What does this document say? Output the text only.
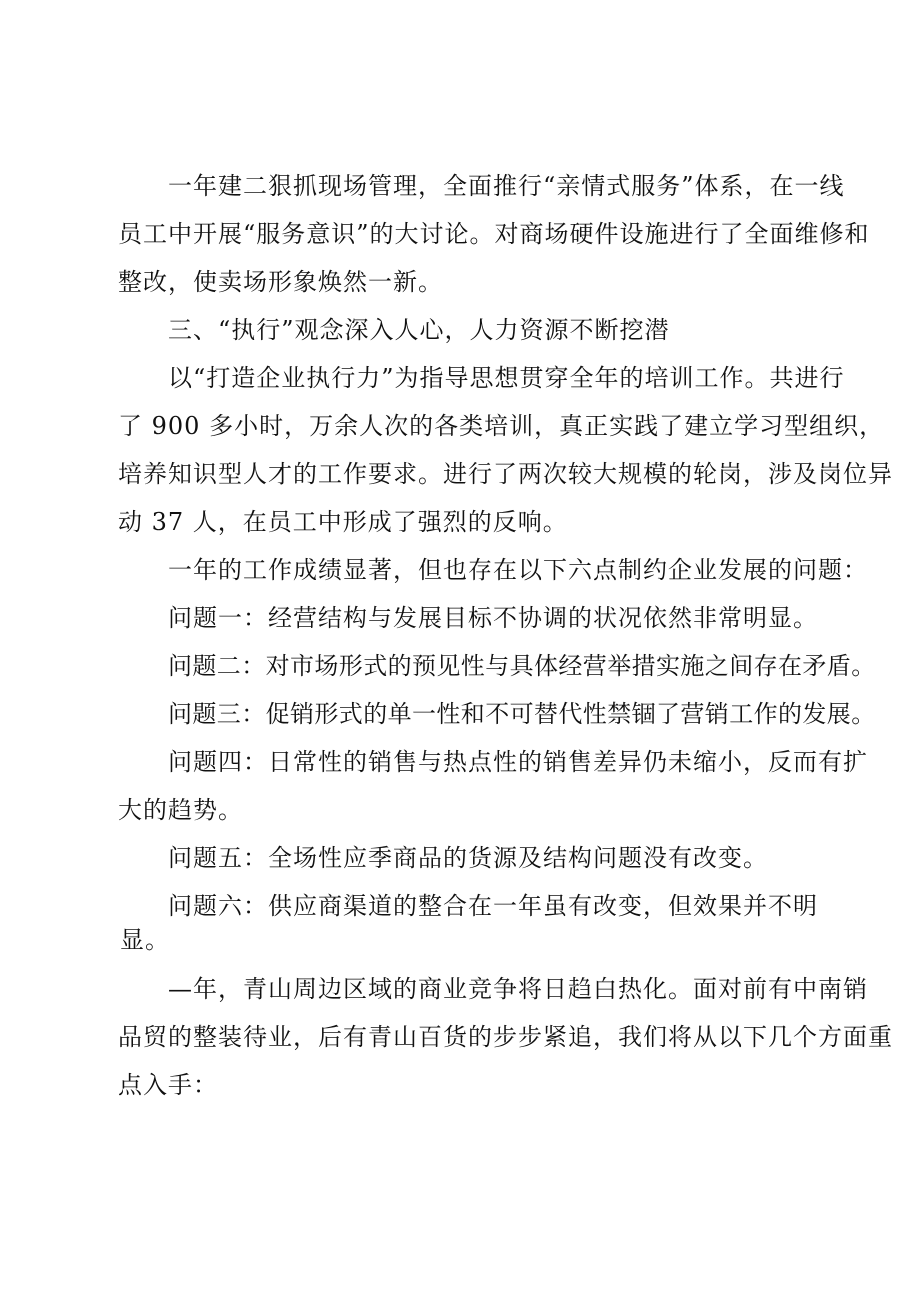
一年建二狠抓现场管理，全面推行“亲情式服务”体系，在一线
员工中开展“服务意识”的大讨论。对商场硬件设施进行了全面维修和
整改，使卖场形象焕然一新。
三、“执行”观念深入人心，人力资源不断挖潜
以“打造企业执行力”为指导思想贯穿全年的培训工作。共进行
了 900 多小时，万余人次的各类培训，真正实践了建立学习型组织，
培养知识型人才的工作要求。进行了两次较大规模的轮岗，涉及岗位异
动 37 人，在员工中形成了强烈的反响。
一年的工作成绩显著，但也存在以下六点制约企业发展的问题：
问题一：经营结构与发展目标不协调的状况依然非常明显。
问题二：对市场形式的预见性与具体经营举措实施之间存在矛盾。
问题三：促销形式的单一性和不可替代性禁锢了营销工作的发展。
问题四：日常性的销售与热点性的销售差异仍未缩小，反而有扩
大的趋势。
问题五：全场性应季商品的货源及结构问题没有改变。
问题六：供应商渠道的整合在一年虽有改变，但效果并不明
显。
—年，青山周边区域的商业竞争将日趋白热化。面对前有中南销
品贸的整装待业，后有青山百货的步步紧追，我们将从以下几个方面重
点入手：
